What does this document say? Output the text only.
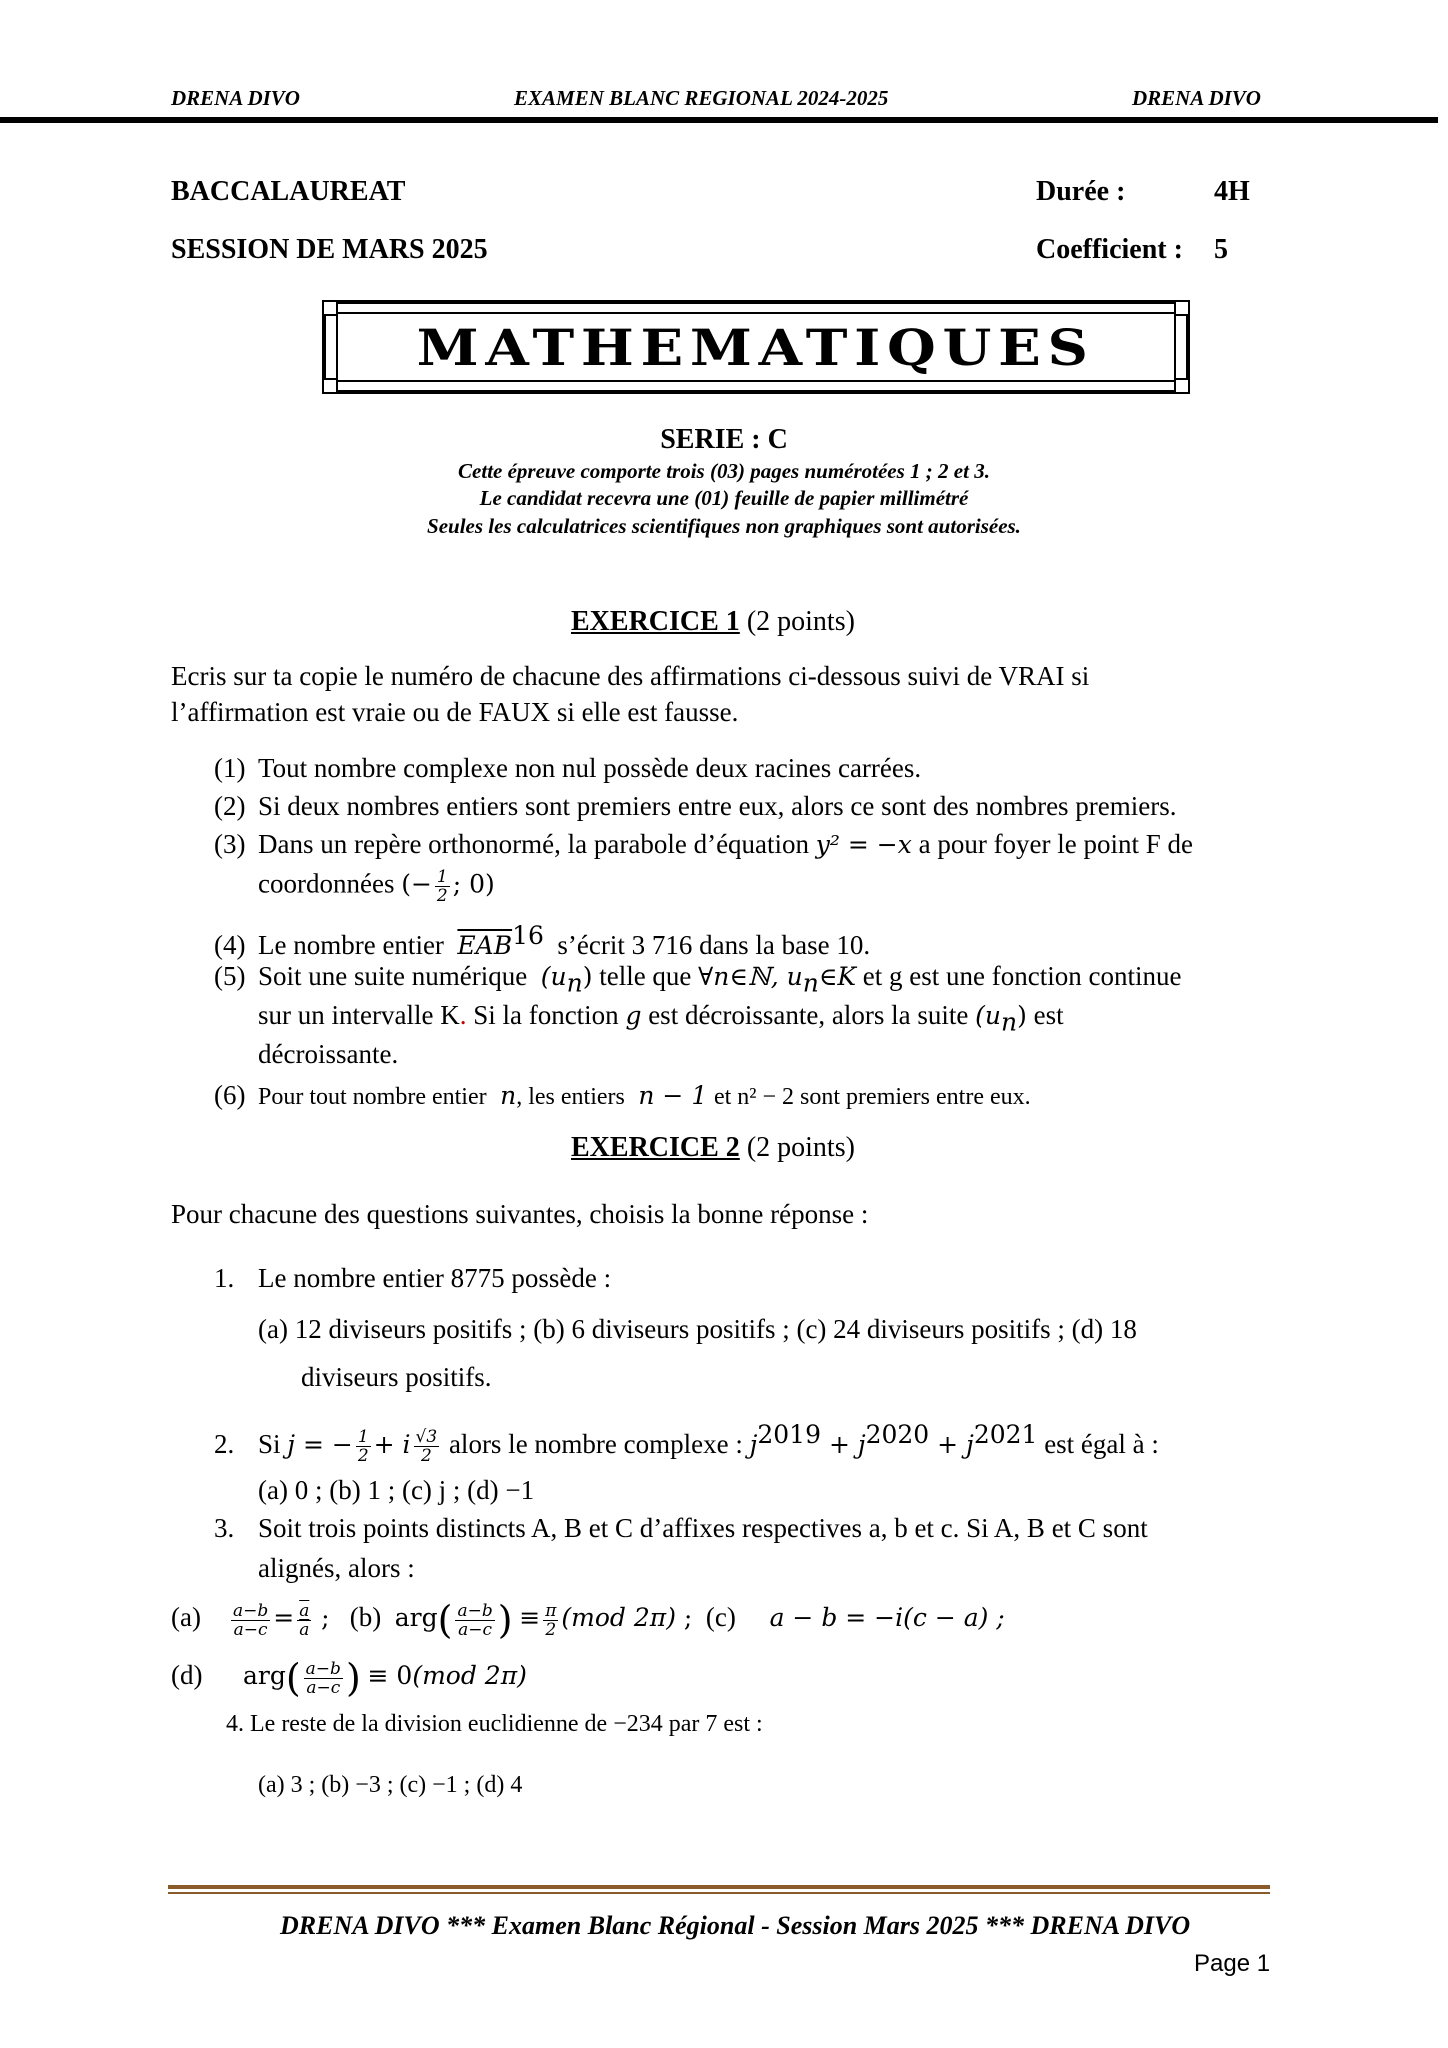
DRENA DIVO	EXAMEN BLANC REGIONAL 2024-2025	DRENA DIVO
BACCALAUREAT
SESSION DE MARS 2025
Durée :	4H
Coefficient : 5
MATHEMATIQUES
SERIE : C
Cette épreuve comporte trois (03) pages numérotées 1 ; 2 et 3.
Le candidat recevra une (01) feuille de papier millimétré
Seules les calculatrices scientifiques non graphiques sont autorisées.
EXERCICE 1 (2 points)
Ecris sur ta copie le numéro de chacune des affirmations ci-dessous suivi de VRAI si
l’affirmation est vraie ou de FAUX si elle est fausse.
(1) Tout nombre complexe non nul possède deux racines carrées.
(2) Si deux nombres entiers sont premiers entre eux, alors ce sont des nombres premiers.
(3) Dans un repère orthonormé, la parabole d’équation y² = −x a pour foyer le point F de
coordonnées (− $\frac{1}{2}$ ; 0)
(4) Le nombre entier $\overline{EAB}^{16}$ s’écrit 3 716 dans la base 10.
(5) Soit une suite numérique $(u_n)$ telle que ∀n∈ℕ, $u_n\in K$ et g est une fonction continue
sur un intervalle K. Si la fonction g est décroissante, alors la suite $(u_n)$ est
décroissante.
(6) Pour tout nombre entier n, les entiers n − 1 et n² − 2 sont premiers entre eux.
EXERCICE 2 (2 points)
Pour chacune des questions suivantes, choisis la bonne réponse :
1. Le nombre entier 8775 possède :
(a) 12 diviseurs positifs ; (b) 6 diviseurs positifs ; (c) 24 diviseurs positifs ; (d) 18
diviseurs positifs.
2. Si j = − $\frac{1}{2} + i \frac{√3}{2}$ alors le nombre complexe : $j^{2019} + j^{2020} + j^{2021}$ est égal à :
(a) 0 ; (b) 1 ; (c) j ; (d) −1
3. Soit trois points distincts A, B et C d’affixes respectives a, b et c. Si A, B et C sont
alignés, alors :
$(a) \frac{a-b}{a-c} = \frac{\overline{a}}{a}$ ; (b) $arg( \frac{a-b}{a-c}$ ) ≡ $\frac{\pi}{2} (mod$ 2π) ; (c) a − b = −i(c − a) ;
(d) $arg( \frac{a-b}{a-c}$ ) ≡ 0(mod 2π)
4. Le reste de la division euclidienne de −234 par 7 est :
(a) 3 ; (b) −3 ; (c) −1 ; (d) 4
DRENA DIVO *** Examen Blanc Régional - Session Mars 2025 *** DRENA DIVO
Page 1
